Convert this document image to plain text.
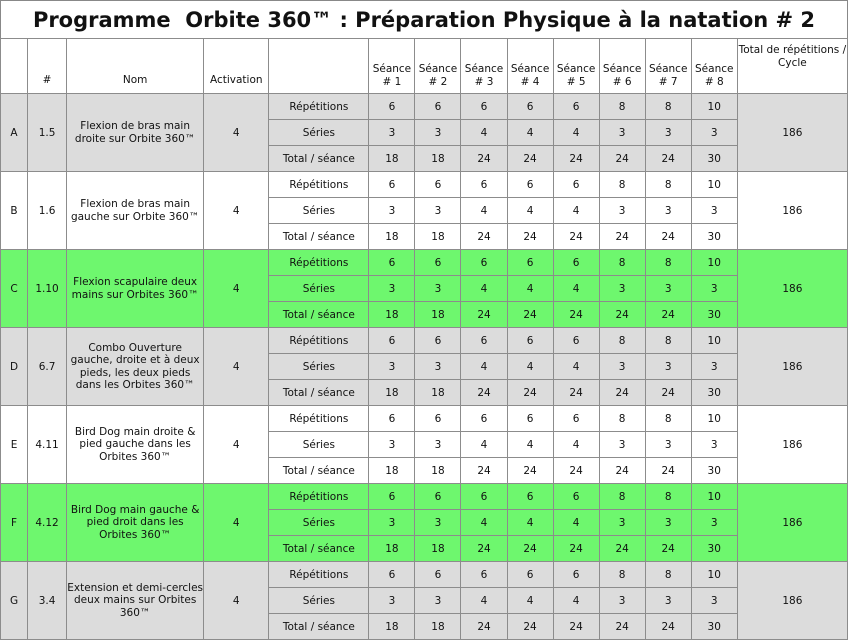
Programme  Orbite 360™ : Préparation Physique à la natation # 2
	#	Nom	Activation		Séance # 1	Séance # 2	Séance # 3	Séance # 4	Séance # 5	Séance # 6	Séance # 7	Séance # 8	Total de répétitions / Cycle
A	1.5	Flexion de bras main droite sur Orbite 360™	4	Répétitions	6	6	6	6	6	8	8	10	186
				Séries	3	3	4	4	4	3	3	3	
				Total / séance	18	18	24	24	24	24	24	30	
B	1.6	Flexion de bras main gauche sur Orbite 360™	4	Répétitions	6	6	6	6	6	8	8	10	186
				Séries	3	3	4	4	4	3	3	3	
				Total / séance	18	18	24	24	24	24	24	30	
C	1.10	Flexion scapulaire deux mains sur Orbites 360™	4	Répétitions	6	6	6	6	6	8	8	10	186
				Séries	3	3	4	4	4	3	3	3	
				Total / séance	18	18	24	24	24	24	24	30	
D	6.7	Combo Ouverture gauche, droite et à deux pieds, les deux pieds dans les Orbites 360™	4	Répétitions	6	6	6	6	6	8	8	10	186
				Séries	3	3	4	4	4	3	3	3	
				Total / séance	18	18	24	24	24	24	24	30	
E	4.11	Bird Dog main droite & pied gauche dans les Orbites 360™	4	Répétitions	6	6	6	6	6	8	8	10	186
				Séries	3	3	4	4	4	3	3	3	
				Total / séance	18	18	24	24	24	24	24	30	
F	4.12	Bird Dog main gauche & pied droit dans les Orbites 360™	4	Répétitions	6	6	6	6	6	8	8	10	186
				Séries	3	3	4	4	4	3	3	3	
				Total / séance	18	18	24	24	24	24	24	30	
G	3.4	Extension et demi-cercles deux mains sur Orbites 360™	4	Répétitions	6	6	6	6	6	8	8	10	186
				Séries	3	3	4	4	4	3	3	3	
				Total / séance	18	18	24	24	24	24	24	30	
